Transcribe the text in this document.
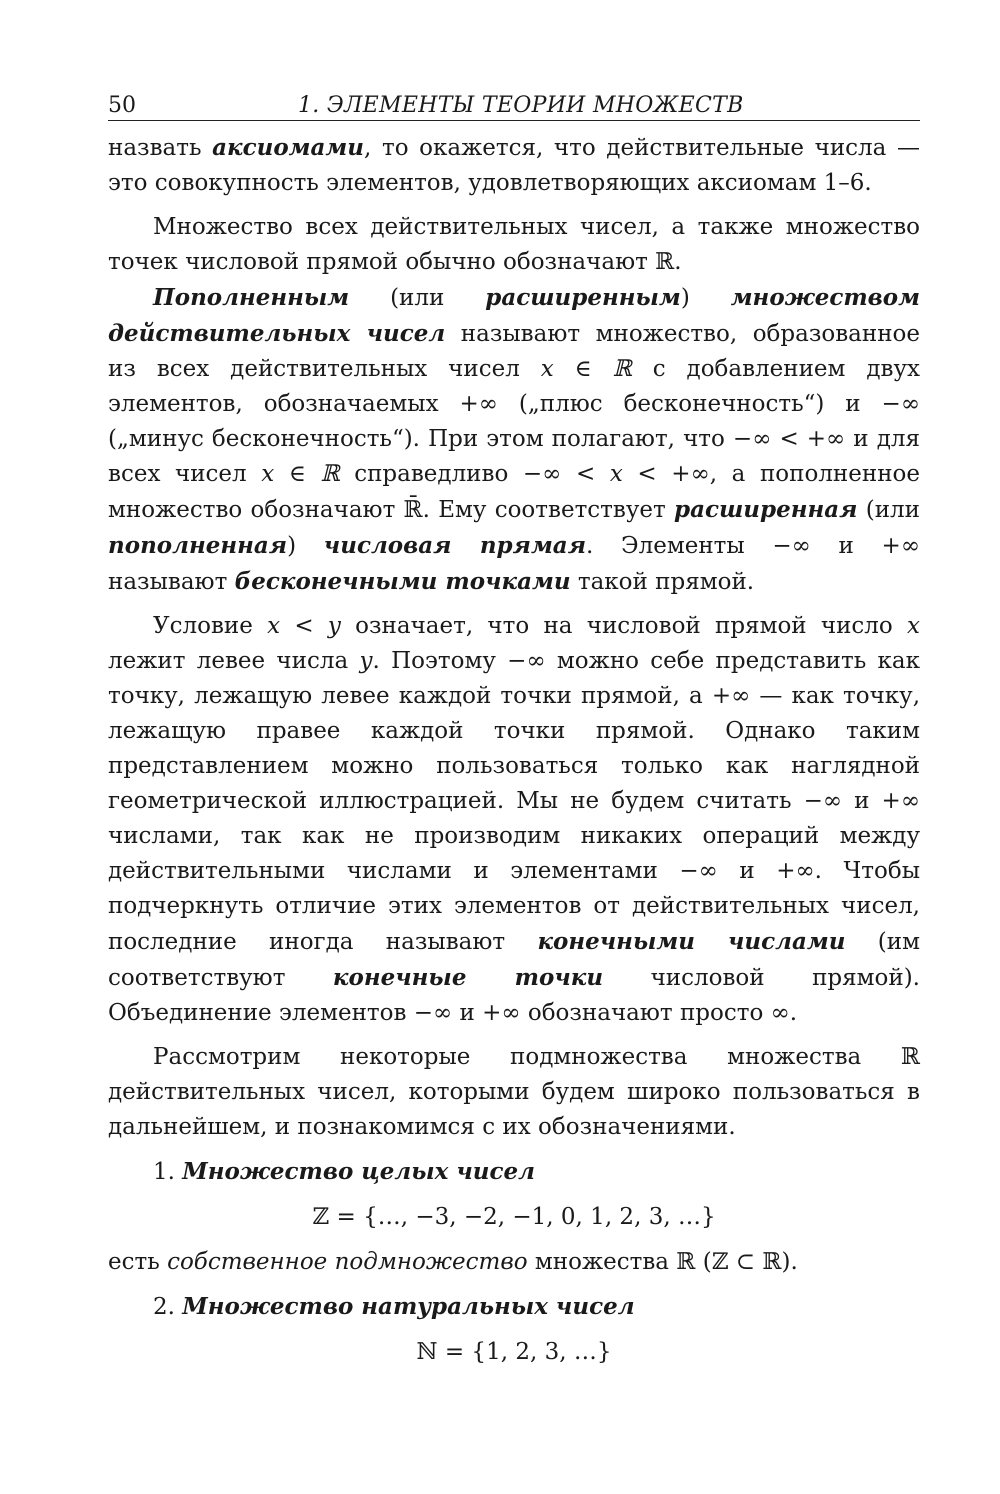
50	1. ЭЛЕМЕНТЫ ТЕОРИИ МНОЖЕСТВ

назвать аксиомами, то окажется, что действительные числа — это совокупность элементов, удовлетворяющих аксиомам 1–6.

Множество всех действительных чисел, а также множество точек числовой прямой обычно обозначают ℝ.

Пополненным (или расширенным) множеством действительных чисел называют множество, образованное из всех действительных чисел x ∈ ℝ с добавлением двух элементов, обозначаемых +∞ („плюс бесконечность“) и −∞ („минус бесконечность“). При этом полагают, что −∞ < +∞ и для всех чисел x ∈ ℝ справедливо −∞ < x < +∞, а пополненное множество обозначают ℝ̄. Ему соответствует расширенная (или пополненная) числовая прямая. Элементы −∞ и +∞ называют бесконечными точками такой прямой.

Условие x < y означает, что на числовой прямой число x лежит левее числа y. Поэтому −∞ можно себе представить как точку, лежащую левее каждой точки прямой, а +∞ — как точку, лежащую правее каждой точки прямой. Однако таким представлением можно пользоваться только как наглядной геометрической иллюстрацией. Мы не будем считать −∞ и +∞ числами, так как не производим никаких операций между действительными числами и элементами −∞ и +∞. Чтобы подчеркнуть отличие этих элементов от действительных чисел, последние иногда называют конечными числами (им соответствуют конечные точки числовой прямой). Объединение элементов −∞ и +∞ обозначают просто ∞.

Рассмотрим некоторые подмножества множества ℝ действительных чисел, которыми будем широко пользоваться в дальнейшем, и познакомимся с их обозначениями.

1. Множество целых чисел

ℤ = {…, −3, −2, −1, 0, 1, 2, 3, …}

есть собственное подмножество множества ℝ (ℤ ⊂ ℝ).

2. Множество натуральных чисел

ℕ = {1, 2, 3, …}
